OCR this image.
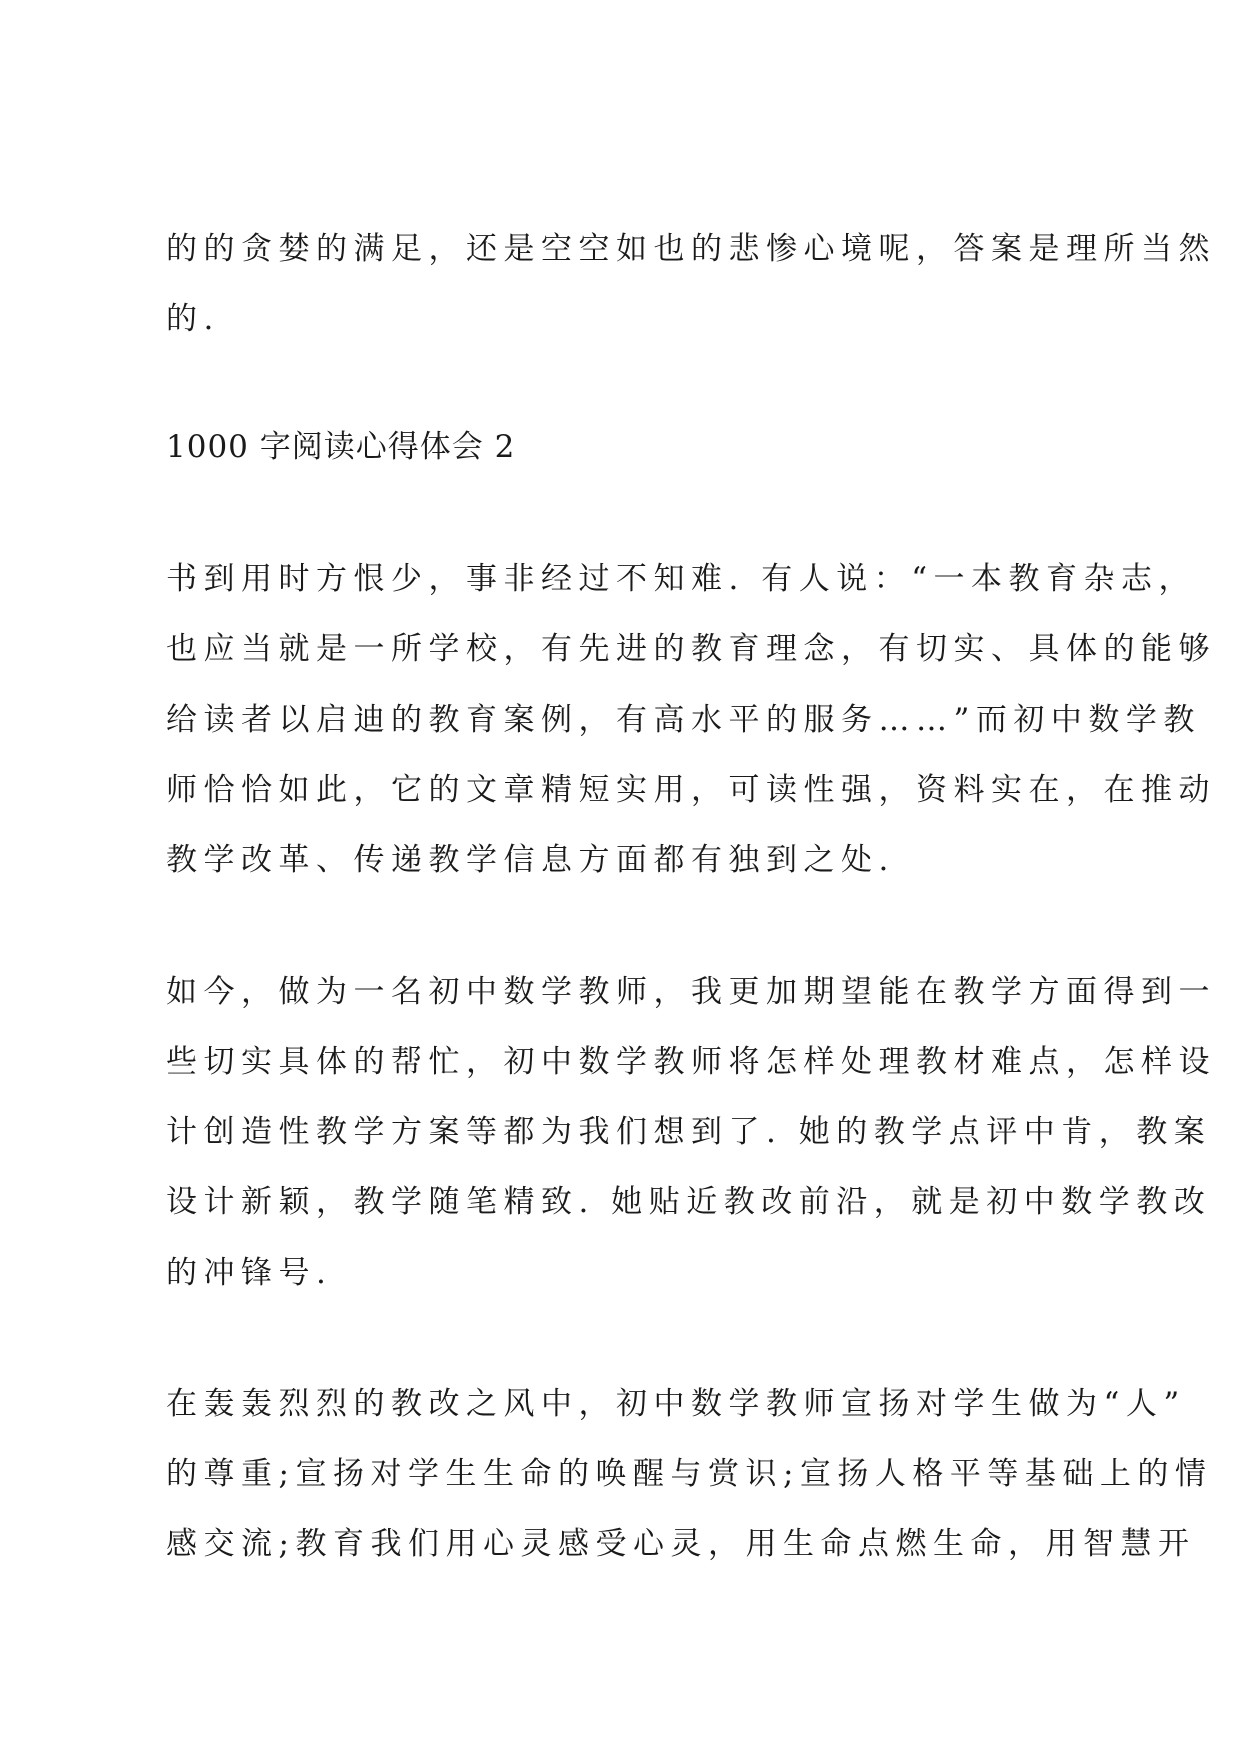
的的贪婪的满足，还是空空如也的悲惨心境呢，答案是理所当然
的.
1000 字阅读心得体会 2
书到用时方恨少，事非经过不知难. 有人说：“一本教育杂志，
也应当就是一所学校，有先进的教育理念，有切实、具体的能够
给读者以启迪的教育案例，有高水平的服务……”而初中数学教
师恰恰如此，它的文章精短实用，可读性强，资料实在，在推动
教学改革、传递教学信息方面都有独到之处.
如今，做为一名初中数学教师，我更加期望能在教学方面得到一
些切实具体的帮忙，初中数学教师将怎样处理教材难点，怎样设
计创造性教学方案等都为我们想到了. 她的教学点评中肯，教案
设计新颖，教学随笔精致. 她贴近教改前沿，就是初中数学教改
的冲锋号.
在轰轰烈烈的教改之风中，初中数学教师宣扬对学生做为“人”
的尊重;宣扬对学生生命的唤醒与赏识;宣扬人格平等基础上的情
感交流;教育我们用心灵感受心灵，用生命点燃生命，用智慧开
